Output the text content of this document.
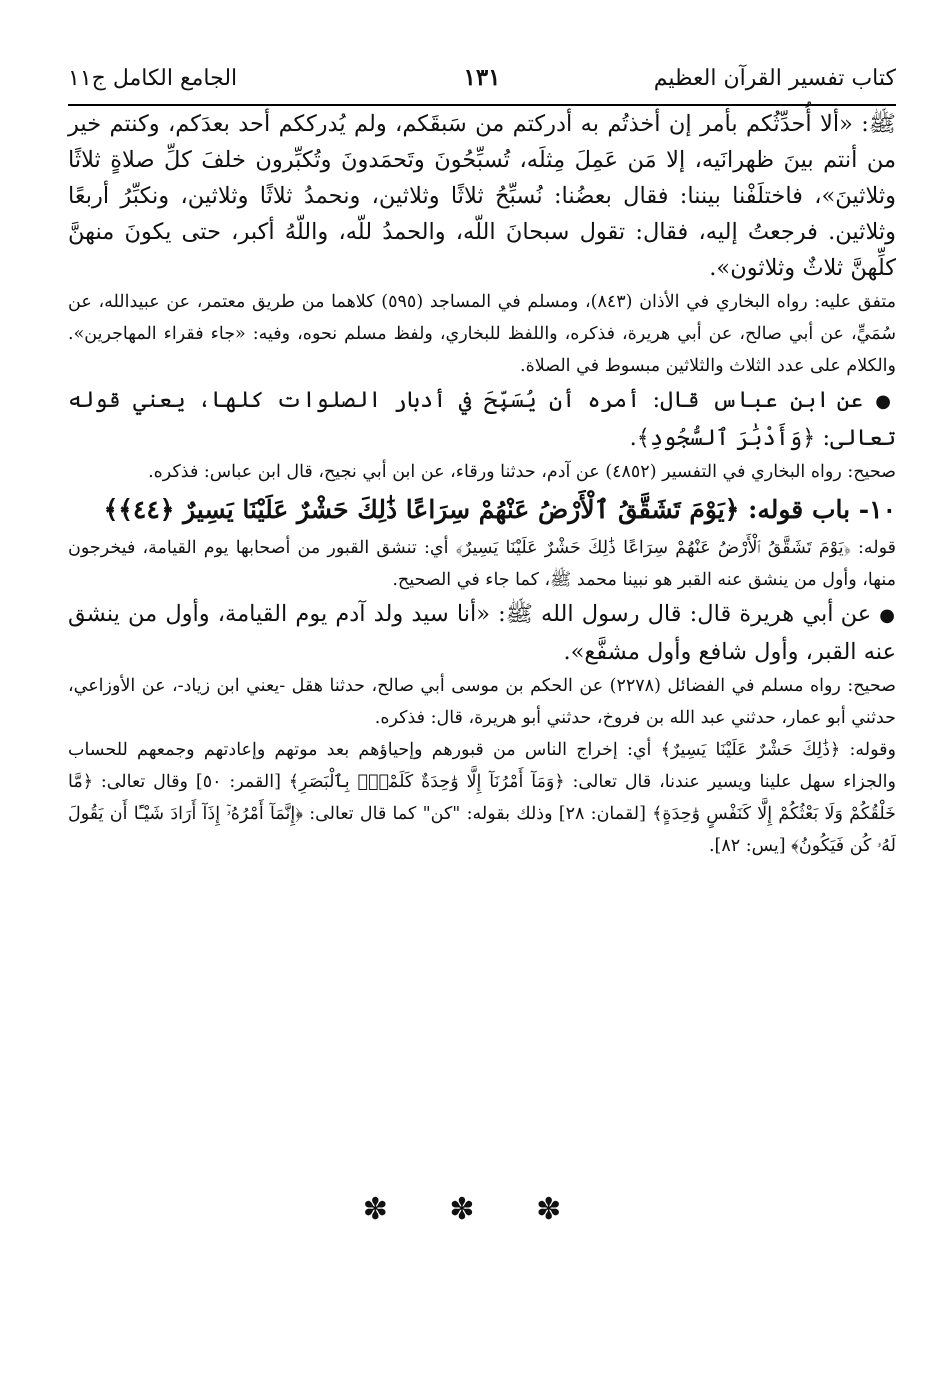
كتاب تفسير القرآن العظيم
١٣١
الجامع الكامل ج١١

ﷺ: «ألا أُحدِّثُكم بأمر إن أخذتُم به أدركتم من سَبقَكم، ولم يُدرككم أحد بعدَكم، وكنتم خير من أنتم بينَ ظهرانَيه، إلا مَن عَمِلَ مِثلَه، تُسبِّحُونَ وتَحمَدونَ وتُكبِّرون خلفَ كلِّ صلاةٍ ثلاثًا وثلاثينَ»، فاختلَفْنا بيننا: فقال بعضُنا: نُسبِّحُ ثلاثًا وثلاثين، ونحمدُ ثلاثًا وثلاثين، ونكبِّرُ أربعًا وثلاثين. فرجعتُ إليه، فقال: تقول سبحانَ اللّه، والحمدُ للّه، واللّهُ أكبر، حتى يكونَ منهنَّ كلِّهنَّ ثلاثٌ وثلاثون».

متفق عليه: رواه البخاري في الأذان (٨٤٣)، ومسلم في المساجد (٥٩٥) كلاهما من طريق معتمر، عن عبيدالله، عن سُمَيٍّ، عن أبي صالح، عن أبي هريرة، فذكره، واللفظ للبخاري، ولفظ مسلم نحوه، وفيه: «جاء فقراء المهاجرين». والكلام على عدد الثلاث والثلاثين مبسوط في الصلاة.

● عن ابن عباس قال: أمره أن يُسَبِّحَ في أدبار الصلوات كلها، يعني قوله تعالى: ﴿وَأَدْبَٰرَ ٱلسُّجُودِ﴾.

صحيح: رواه البخاري في التفسير (٤٨٥٢) عن آدم، حدثنا ورقاء، عن ابن أبي نجيح، قال ابن عباس: فذكره.

١٠- باب قوله: ﴿يَوْمَ تَشَقَّقُ ٱلْأَرْضُ عَنْهُمْ سِرَاعًا ذَٰلِكَ حَشْرٌ عَلَيْنَا يَسِيرٌ ﴿٤٤﴾﴾

قوله: ﴿يَوْمَ تَشَقَّقُ ٱلْأَرْضُ عَنْهُمْ سِرَاعًا ذَٰلِكَ حَشْرٌ عَلَيْنَا يَسِيرٌ﴾ أي: تنشق القبور من أصحابها يوم القيامة، فيخرجون منها، وأول من ينشق عنه القبر هو نبينا محمد ﷺ، كما جاء في الصحيح.

● عن أبي هريرة قال: قال رسول الله ﷺ: «أنا سيد ولد آدم يوم القيامة، وأول من ينشق عنه القبر، وأول شافع وأول مشفَّع».

صحيح: رواه مسلم في الفضائل (٢٢٧٨) عن الحكم بن موسى أبي صالح، حدثنا هقل -يعني ابن زياد-، عن الأوزاعي، حدثني أبو عمار، حدثني عبد الله بن فروخ، حدثني أبو هريرة، قال: فذكره.

وقوله: ﴿ذَٰلِكَ حَشْرٌ عَلَيْنَا يَسِيرٌ﴾ أي: إخراج الناس من قبورهم وإحياؤهم بعد موتهم وإعادتهم وجمعهم للحساب والجزاء سهل علينا ويسير عندنا، قال تعالى: ﴿وَمَآ أَمْرُنَآ إِلَّا وَٰحِدَةٌ كَلَمْحٍۭ بِٱلْبَصَرِ﴾ [القمر: ٥٠] وقال تعالى: ﴿مَّا خَلْقُكُمْ وَلَا بَعْثُكُمْ إِلَّا كَنَفْسٍ وَٰحِدَةٍ﴾ [لقمان: ٢٨] وذلك بقوله: "كن" كما قال تعالى: ﴿إِنَّمَآ أَمْرُهُۥٓ إِذَآ أَرَادَ شَيْـًٔا أَن يَقُولَ لَهُۥ كُن فَيَكُونُ﴾ [يس: ٨٢].

✽ ✽ ✽
